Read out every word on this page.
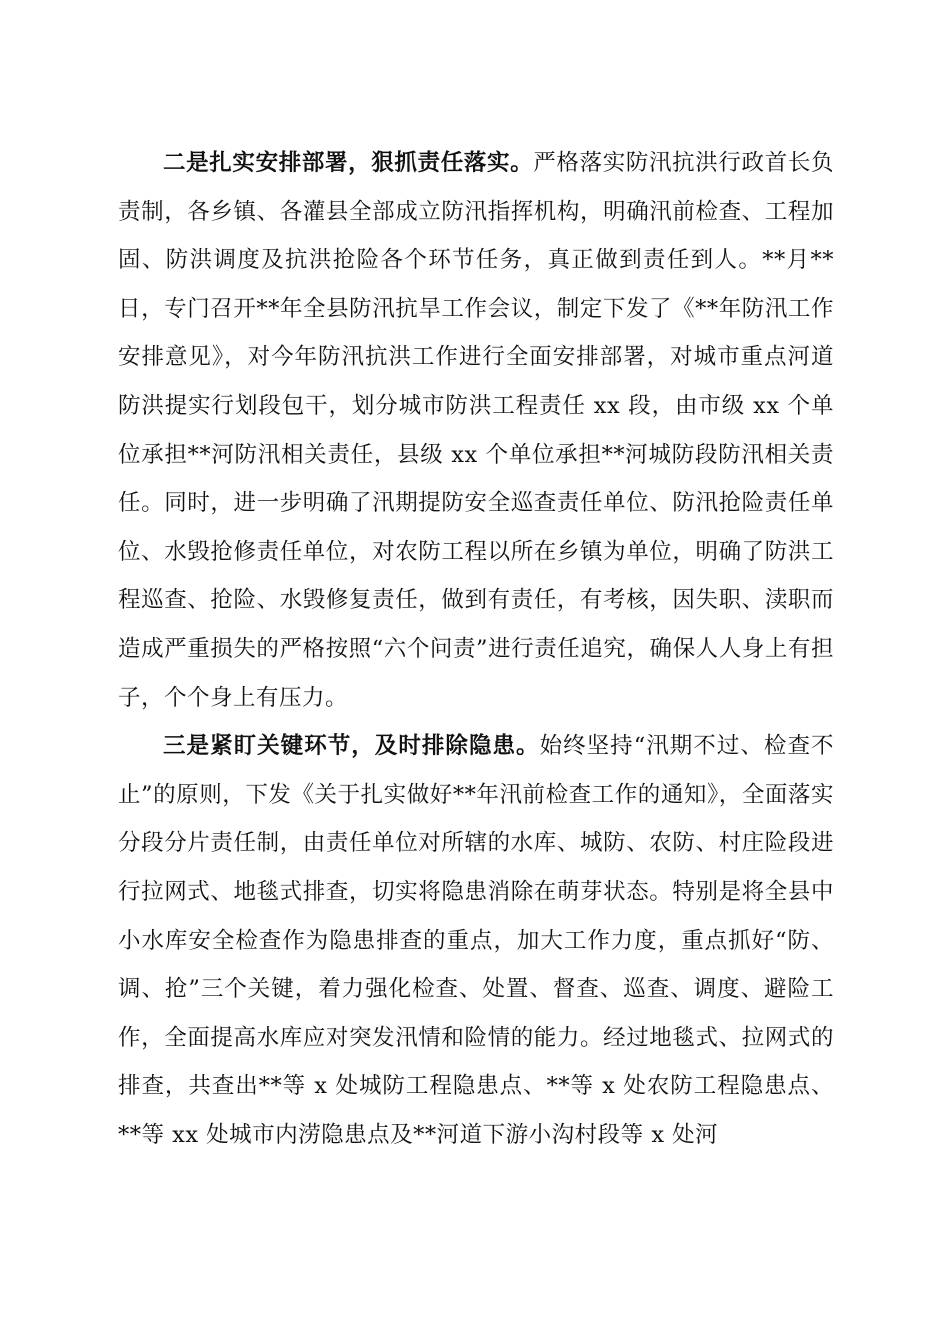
二是扎实安排部署，狠抓责任落实。严格落实防汛抗洪行政首长负责制，各乡镇、各灌县全部成立防汛指挥机构，明确汛前检查、工程加固、防洪调度及抗洪抢险各个环节任务，真正做到责任到人。**月**日，专门召开**年全县防汛抗旱工作会议，制定下发了《**年防汛工作安排意见》，对今年防汛抗洪工作进行全面安排部署，对城市重点河道防洪提实行划段包干，划分城市防洪工程责任 xx 段，由市级 xx 个单位承担**河防汛相关责任，县级 xx 个单位承担**河城防段防汛相关责任。同时，进一步明确了汛期提防安全巡查责任单位、防汛抢险责任单位、水毁抢修责任单位，对农防工程以所在乡镇为单位，明确了防洪工程巡查、抢险、水毁修复责任，做到有责任，有考核，因失职、渎职而造成严重损失的严格按照“六个问责”进行责任追究，确保人人身上有担子，个个身上有压力。

三是紧盯关键环节，及时排除隐患。始终坚持“汛期不过、检查不止”的原则，下发《关于扎实做好**年汛前检查工作的通知》，全面落实分段分片责任制，由责任单位对所辖的水库、城防、农防、村庄险段进行拉网式、地毯式排查，切实将隐患消除在萌芽状态。特别是将全县中小水库安全检查作为隐患排查的重点，加大工作力度，重点抓好“防、调、抢”三个关键，着力强化检查、处置、督查、巡查、调度、避险工作，全面提高水库应对突发汛情和险情的能力。经过地毯式、拉网式的排查，共查出**等 x 处城防工程隐患点、**等 x 处农防工程隐患点、**等 xx 处城市内涝隐患点及**河道下游小沟村段等 x 处河
